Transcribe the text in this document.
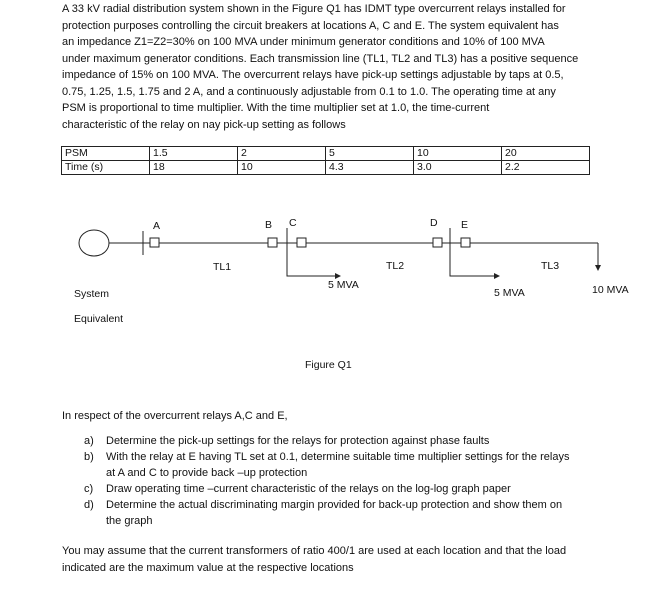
A 33 kV radial distribution system shown in the Figure Q1 has IDMT type overcurrent relays installed for
protection purposes controlling the circuit breakers at locations A, C and E. The system equivalent has
an impedance Z1=Z2=30% on 100 MVA under minimum generator conditions and 10% of 100 MVA
under maximum generator conditions. Each transmission line (TL1, TL2 and TL3) has a positive sequence
impedance of 15% on 100 MVA. The overcurrent relays have pick-up settings adjustable by taps at 0.5,
0.75, 1.25, 1.5, 1.75 and 2 A, and a continuously adjustable from 0.1 to 1.0. The operating time at any
PSM is proportional to time multiplier. With the time multiplier set at 1.0, the time-current
characteristic of the relay on nay pick-up setting as follows
PSM	1.5	2	5	10	20
Time (s)	18	10	4.3	3.0	2.2
A	B C	D E
TL1	TL2	TL3
5 MVA
5 MVA	10 MVA
System
Equivalent
Figure Q1
In respect of the overcurrent relays A,C and E,
a) Determine the pick-up settings for the relays for protection against phase faults
b) With the relay at E having TL set at 0.1, determine suitable time multiplier settings for the relays
at A and C to provide back –up protection
c) Draw operating time –current characteristic of the relays on the log-log graph paper
d) Determine the actual discriminating margin provided for back-up protection and show them on
the graph
You may assume that the current transformers of ratio 400/1 are used at each location and that the load
indicated are the maximum value at the respective locations
